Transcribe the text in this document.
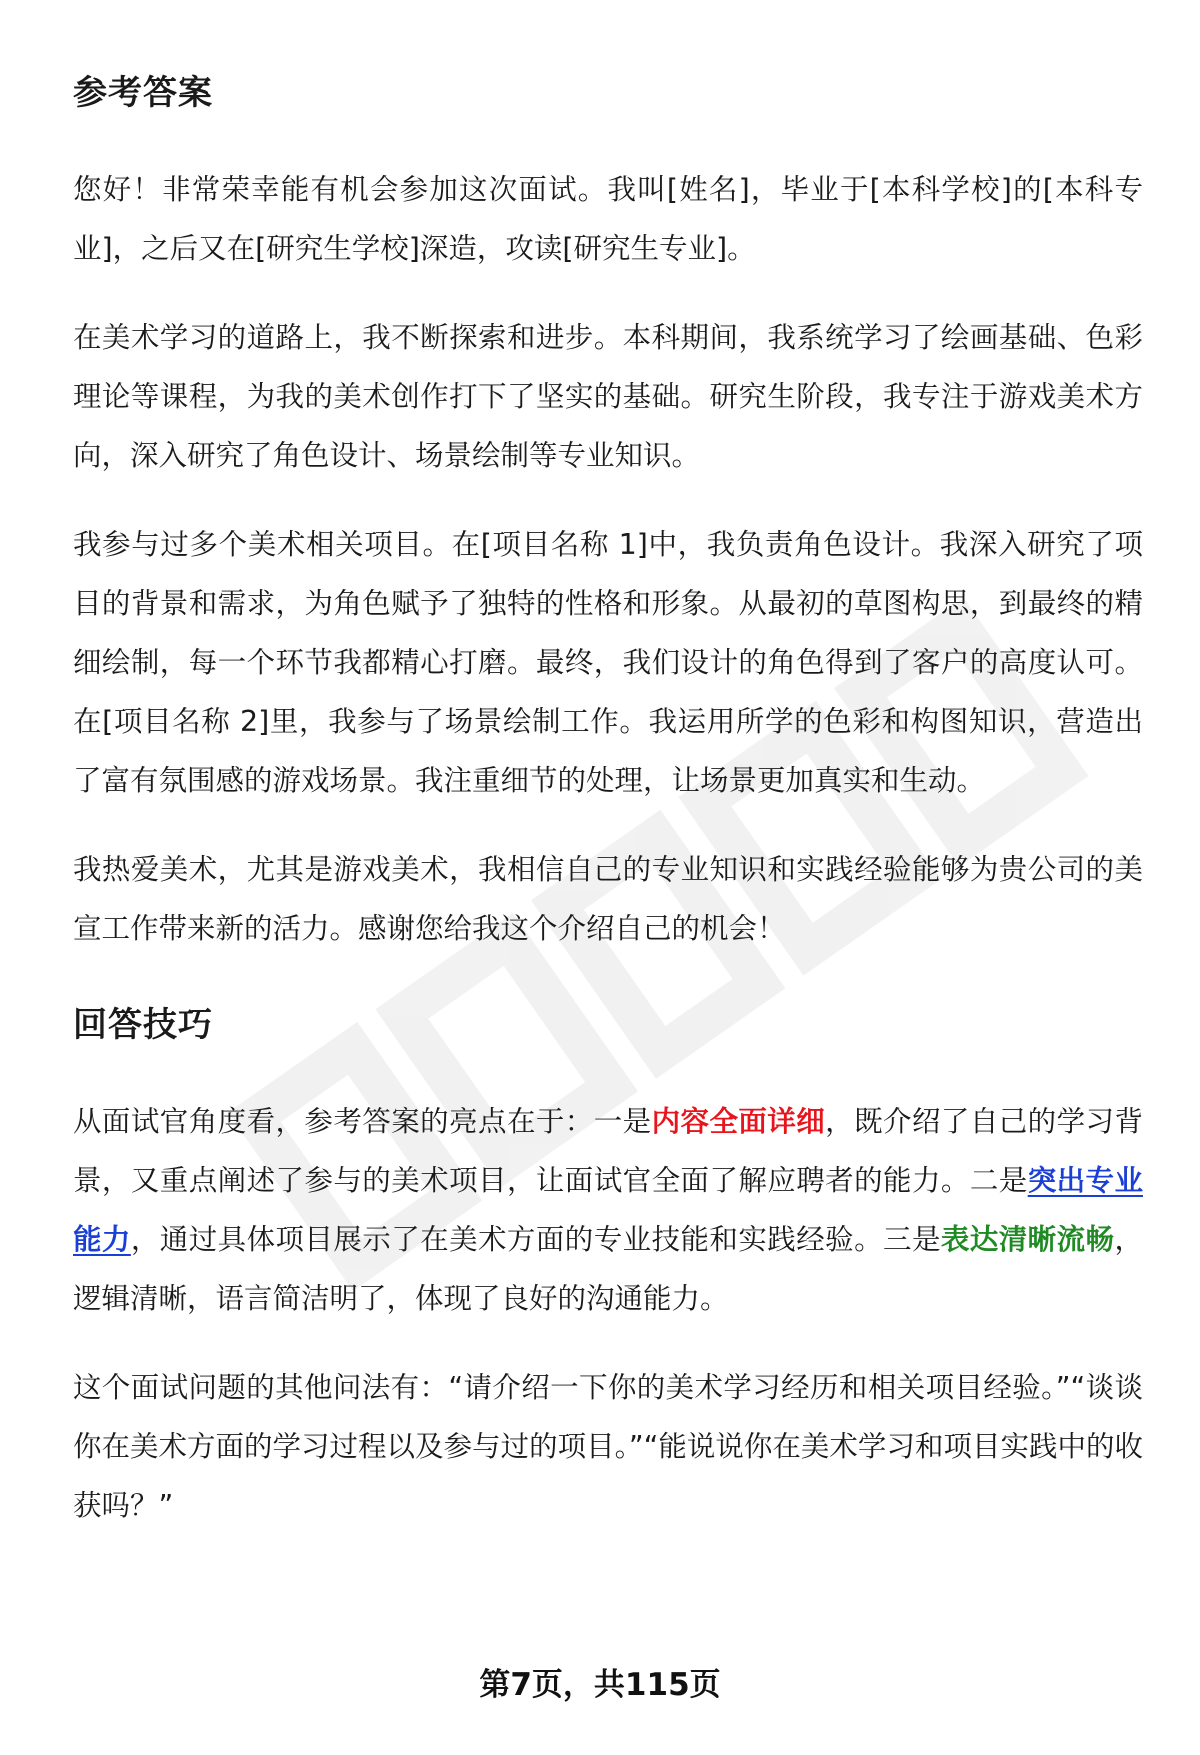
参考答案

您好！非常荣幸能有机会参加这次面试。我叫[姓名]，毕业于[本科学校]的[本科专业]，之后又在[研究生学校]深造，攻读[研究生专业]。

在美术学习的道路上，我不断探索和进步。本科期间，我系统学习了绘画基础、色彩理论等课程，为我的美术创作打下了坚实的基础。研究生阶段，我专注于游戏美术方向，深入研究了角色设计、场景绘制等专业知识。

我参与过多个美术相关项目。在[项目名称 1]中，我负责角色设计。我深入研究了项目的背景和需求，为角色赋予了独特的性格和形象。从最初的草图构思，到最终的精细绘制，每一个环节我都精心打磨。最终，我们设计的角色得到了客户的高度认可。在[项目名称 2]里，我参与了场景绘制工作。我运用所学的色彩和构图知识，营造出了富有氛围感的游戏场景。我注重细节的处理，让场景更加真实和生动。

我热爱美术，尤其是游戏美术，我相信自己的专业知识和实践经验能够为贵公司的美宣工作带来新的活力。感谢您给我这个介绍自己的机会！

回答技巧

从面试官角度看，参考答案的亮点在于：一是内容全面详细，既介绍了自己的学习背景，又重点阐述了参与的美术项目，让面试官全面了解应聘者的能力。二是突出专业能力，通过具体项目展示了在美术方面的专业技能和实践经验。三是表达清晰流畅，逻辑清晰，语言简洁明了，体现了良好的沟通能力。

这个面试问题的其他问法有：“请介绍一下你的美术学习经历和相关项目经验。”“谈谈你在美术方面的学习过程以及参与过的项目。”“能说说你在美术学习和项目实践中的收获吗？”

第7页，共115页
